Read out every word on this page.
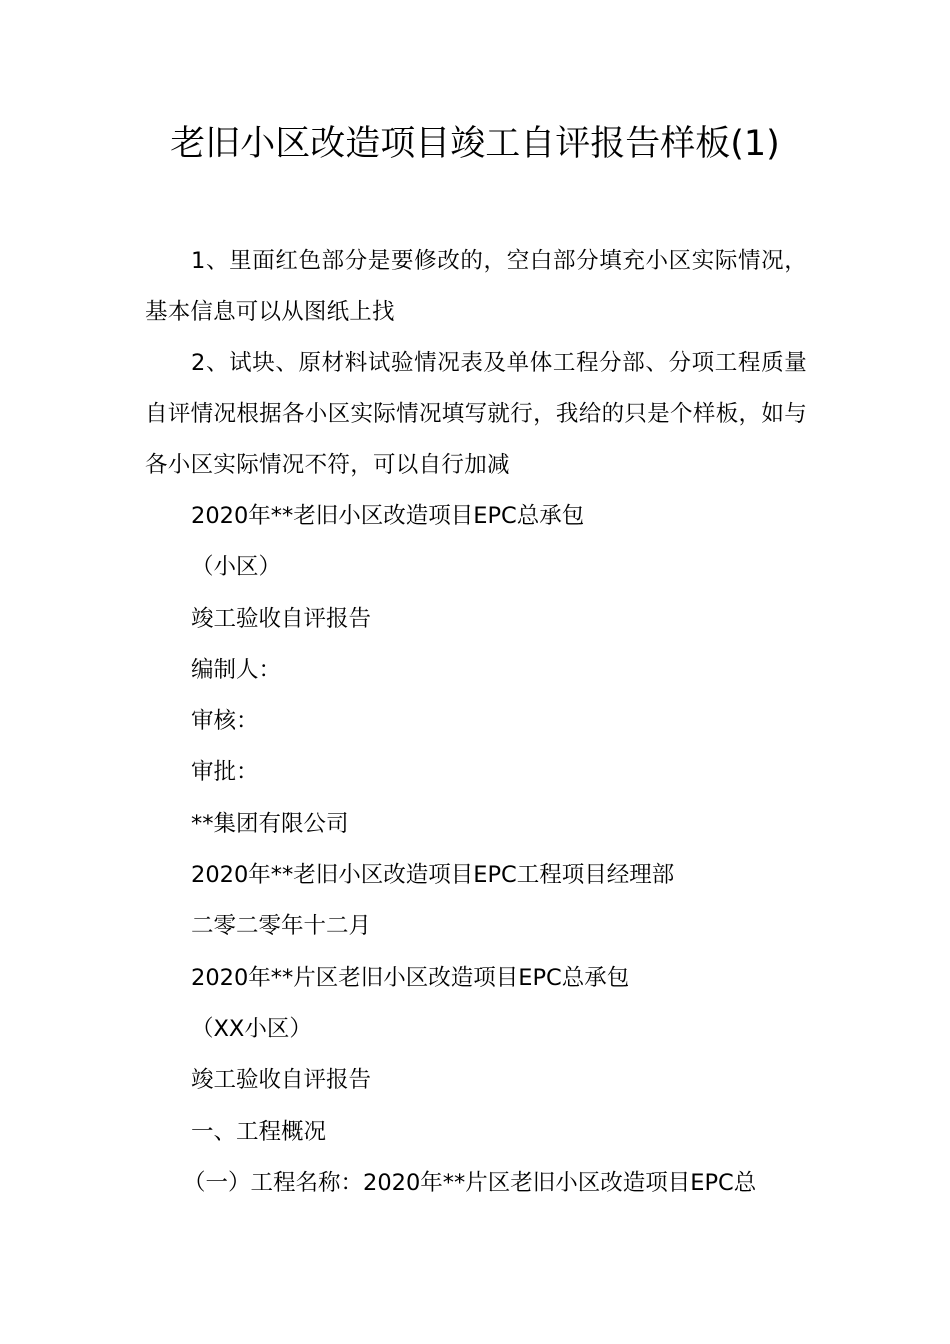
老旧小区改造项目竣工自评报告样板(1)

1、里面红色部分是要修改的，空白部分填充小区实际情况，基本信息可以从图纸上找

2、试块、原材料试验情况表及单体工程分部、分项工程质量自评情况根据各小区实际情况填写就行，我给的只是个样板，如与各小区实际情况不符，可以自行加减

2020年**老旧小区改造项目EPC总承包

（小区）

竣工验收自评报告

编制人：

审核：

审批：

**集团有限公司

2020年**老旧小区改造项目EPC工程项目经理部

二零二零年十二月

2020年**片区老旧小区改造项目EPC总承包

（XX小区）

竣工验收自评报告

一、工程概况

（一）工程名称：2020年**片区老旧小区改造项目EPC总
